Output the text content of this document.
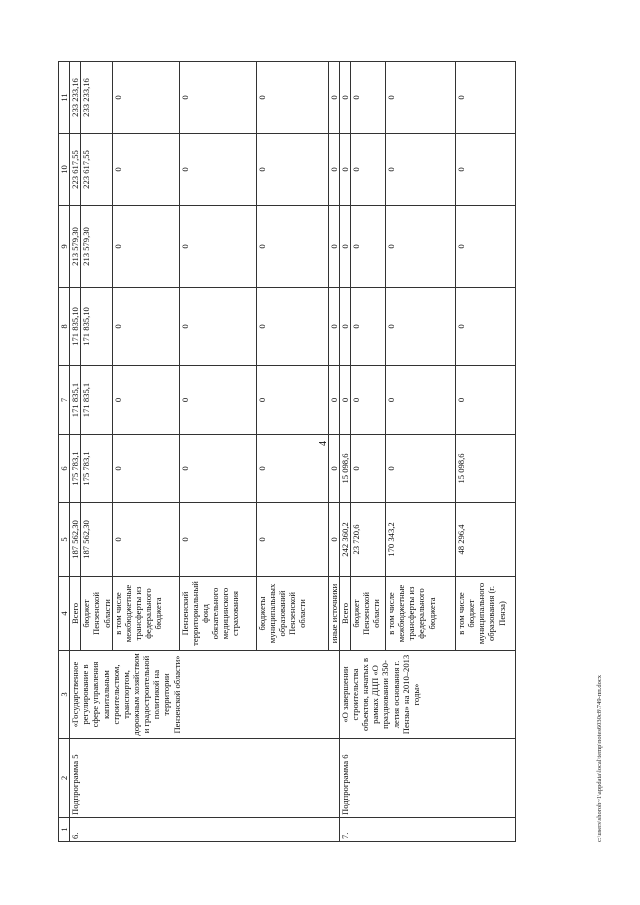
4
1	2	3	4	5	6	7	8	9	10	11
6.	Подпрограмма 5	«Государственное регулирование в сфере управления капитальным строительством, транспортом, дорожным хозяйством и градостроительной политикой на территории Пензенской области»	Всего	187 562,30	175 783,1	171 835,1	171 835,10	213 579,30	223 617,55	233 233,16
			бюджет Пензенской области	187 562,30	175 783,1	171 835,1	171 835,10	213 579,30	223 617,55	233 233,16
			в том числе межбюджетные трансферты из федерального бюджета	0	0	0	0	0	0	0
			Пензенский территориальный фонд обязательного медицинского страхования	0	0	0	0	0	0	0
			бюджеты муниципальных образований Пензенской области	0	0	0	0	0	0	0
			иные источники	0	0	0	0	0	0	0
7.	Подпрограмма 6	«О завершении строительства объектов, начатых в рамках ДЦП «О праздновании 350-летия основания г. Пензы» на 2010–2013 годы»	Всего	242 360,2	15 098,6	0	0	0	0	0
			бюджет Пензенской области	23 720,6	0	0	0	0	0	0
			в том числе межбюджетные трансферты из федерального бюджета	170 343,2	0	0	0	0	0	0
			в том числе бюджет муниципального образования (г. Пенза)	48 296,4	15 098,6	0	0	0	0	0
c:\users\shoroh~1\appdata\local\temp\notes6030c8\749-пп.docx
